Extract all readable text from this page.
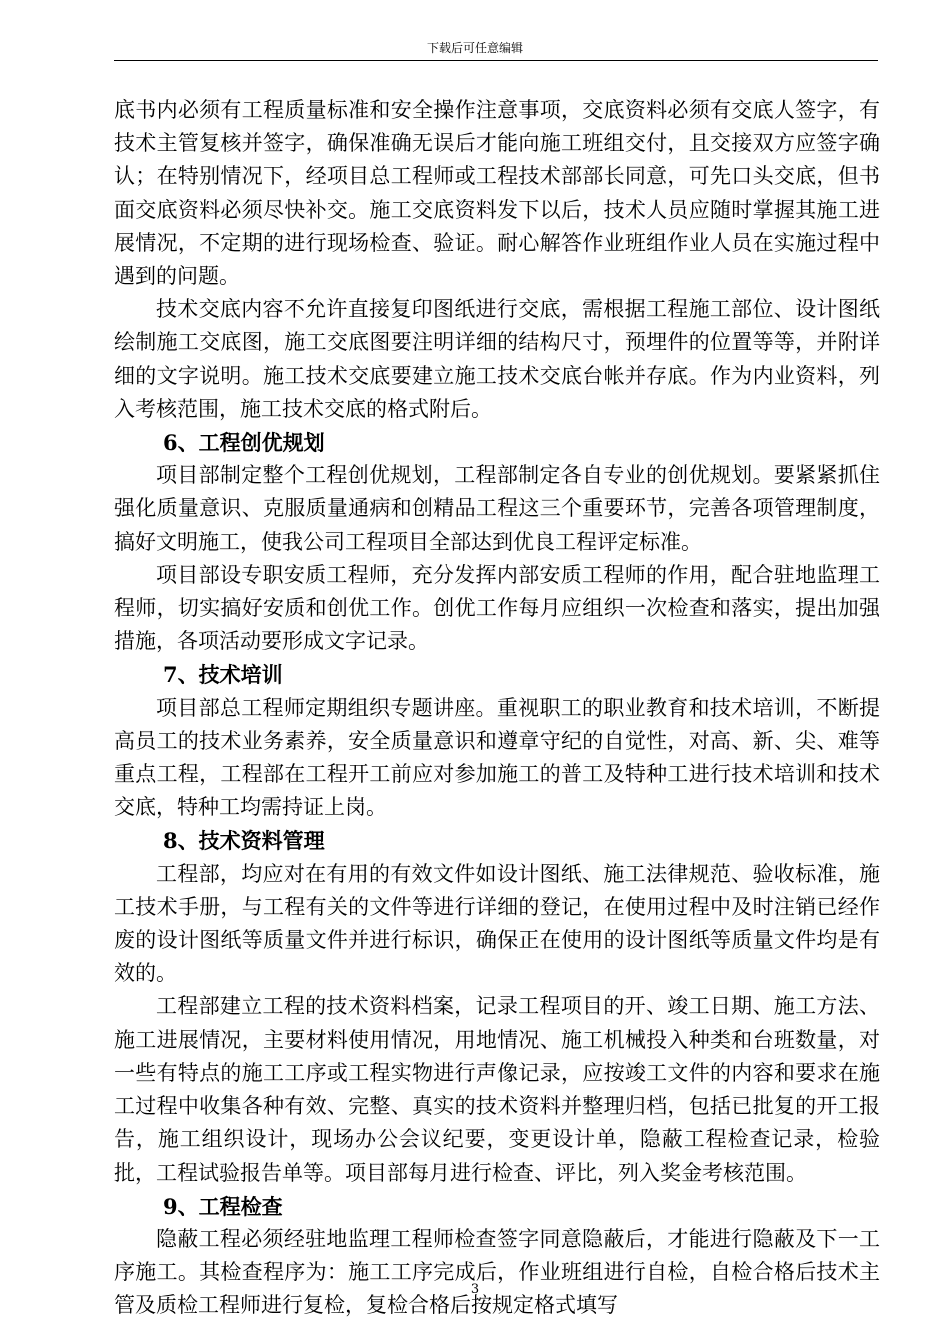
下载后可任意编辑

底书内必须有工程质量标准和安全操作注意事项，交底资料必须有交底人签字，有技术主管复核并签字，确保准确无误后才能向施工班组交付，且交接双方应签字确认；在特别情况下，经项目总工程师或工程技术部部长同意，可先口头交底，但书面交底资料必须尽快补交。施工交底资料发下以后，技术人员应随时掌握其施工进展情况，不定期的进行现场检查、验证。耐心解答作业班组作业人员在实施过程中遇到的问题。

技术交底内容不允许直接复印图纸进行交底，需根据工程施工部位、设计图纸绘制施工交底图，施工交底图要注明详细的结构尺寸，预埋件的位置等等，并附详细的文字说明。施工技术交底要建立施工技术交底台帐并存底。作为内业资料，列入考核范围，施工技术交底的格式附后。

6、工程创优规划

项目部制定整个工程创优规划，工程部制定各自专业的创优规划。要紧紧抓住强化质量意识、克服质量通病和创精品工程这三个重要环节，完善各项管理制度，搞好文明施工，使我公司工程项目全部达到优良工程评定标准。

项目部设专职安质工程师，充分发挥内部安质工程师的作用，配合驻地监理工程师，切实搞好安质和创优工作。创优工作每月应组织一次检查和落实，提出加强措施，各项活动要形成文字记录。

7、技术培训

项目部总工程师定期组织专题讲座。重视职工的职业教育和技术培训，不断提高员工的技术业务素养，安全质量意识和遵章守纪的自觉性，对高、新、尖、难等重点工程，工程部在工程开工前应对参加施工的普工及特种工进行技术培训和技术交底，特种工均需持证上岗。

8、技术资料管理

工程部，均应对在有用的有效文件如设计图纸、施工法律规范、验收标准，施工技术手册，与工程有关的文件等进行详细的登记，在使用过程中及时注销已经作废的设计图纸等质量文件并进行标识，确保正在使用的设计图纸等质量文件均是有效的。

工程部建立工程的技术资料档案，记录工程项目的开、竣工日期、施工方法、施工进展情况，主要材料使用情况，用地情况、施工机械投入种类和台班数量，对一些有特点的施工工序或工程实物进行声像记录，应按竣工文件的内容和要求在施工过程中收集各种有效、完整、真实的技术资料并整理归档，包括已批复的开工报告，施工组织设计，现场办公会议纪要，变更设计单，隐蔽工程检查记录，检验批，工程试验报告单等。项目部每月进行检查、评比，列入奖金考核范围。

9、工程检查

隐蔽工程必须经驻地监理工程师检查签字同意隐蔽后，才能进行隐蔽及下一工序施工。其检查程序为：施工工序完成后，作业班组进行自检，自检合格后技术主管及质检工程师进行复检，复检合格后按规定格式填写

3
